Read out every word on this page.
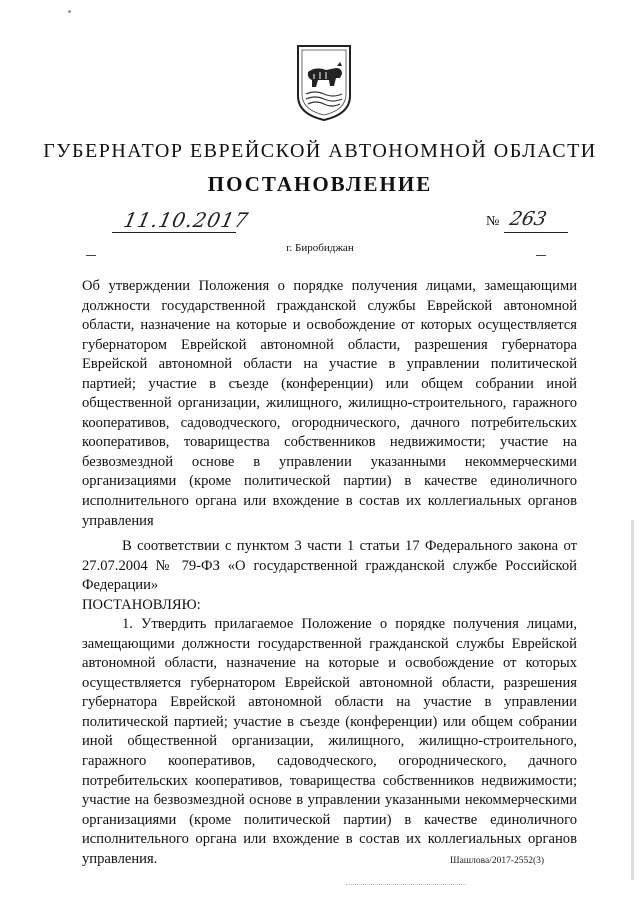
ГУБЕРНАТОР ЕВРЕЙСКОЙ АВТОНОМНОЙ ОБЛАСТИ
ПОСТАНОВЛЕНИЕ
11.10.2017	№ 263
г. Биробиджан
Об утверждении Положения о порядке получения лицами, замещающими должности государственной гражданской службы Еврейской автономной области, назначение на которые и освобождение от которых осуществляется губернатором Еврейской автономной области, разрешения губернатора Еврейской автономной области на участие в управлении политической партией; участие в съезде (конференции) или общем собрании иной общественной организации, жилищного, жилищно-строительного, гаражного кооперативов, садоводческого, огороднического, дачного потребительских кооперативов, товарищества собственников недвижимости; участие на безвозмездной основе в управлении указанными некоммерческими организациями (кроме политической партии) в качестве единоличного исполнительного органа или вхождение в состав их коллегиальных органов управления

В соответствии с пунктом 3 части 1 статьи 17 Федерального закона от 27.07.2004 № 79-ФЗ «О государственной гражданской службе Российской Федерации»

ПОСТАНОВЛЯЮ:

1. Утвердить прилагаемое Положение о порядке получения лицами, замещающими должности государственной гражданской службы Еврейской автономной области, назначение на которые и освобождение от которых осуществляется губернатором Еврейской автономной области, разрешения губернатора Еврейской автономной области на участие в управлении политической партией; участие в съезде (конференции) или общем собрании иной общественной организации, жилищного, жилищно-строительного, гаражного кооперативов, садоводческого, огороднического, дачного потребительских кооперативов, товарищества собственников недвижимости; участие на безвозмездной основе в управлении указанными некоммерческими организациями (кроме политической партии) в качестве единоличного исполнительного органа или вхождение в состав их коллегиальных органов управления.	Шашлова/2017-2552(3)
